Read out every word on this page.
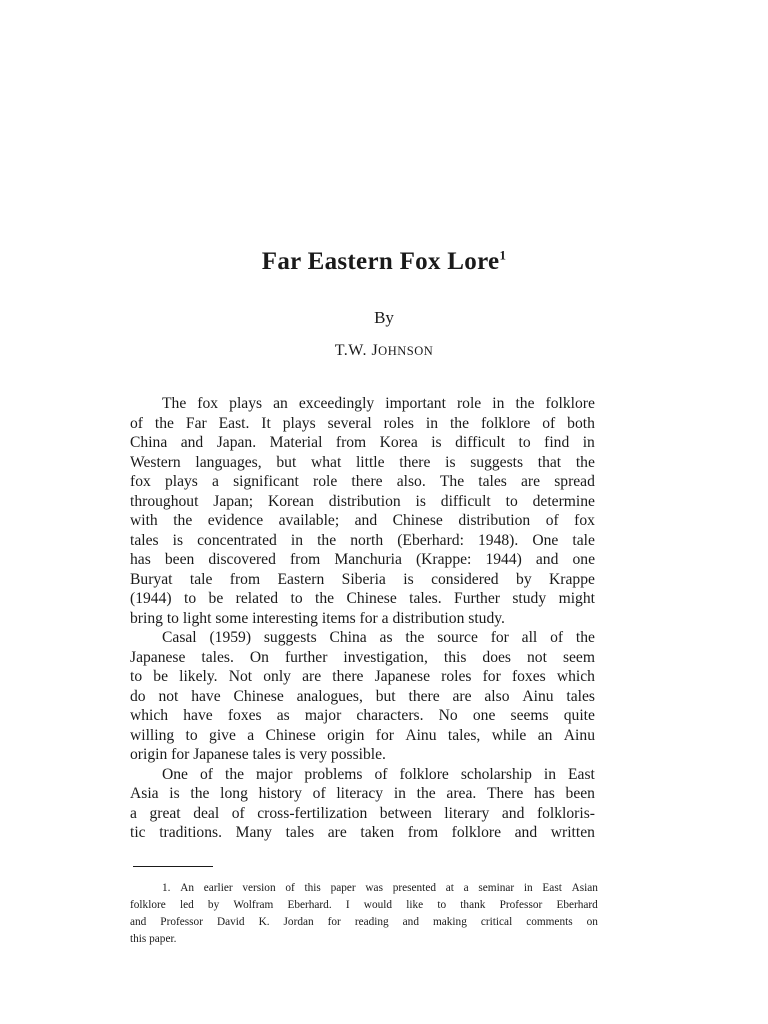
Far Eastern Fox Lore$^1$
By
T.W. JOHNSON
The fox plays an exceedingly important role in the folklore
of the Far East. It plays several roles in the folklore of both
China and Japan. Material from Korea is difficult to find in
Western languages, but what little there is suggests that the
fox plays a significant role there also. The tales are spread
throughout Japan; Korean distribution is difficult to determine
with the evidence available; and Chinese distribution of fox
tales is concentrated in the north (Eberhard: 1948). One tale
has been discovered from Manchuria (Krappe: 1944) and one
Buryat tale from Eastern Siberia is considered by Krappe
(1944) to be related to the Chinese tales. Further study might
bring to light some interesting items for a distribution study.
Casal (1959) suggests China as the source for all of the
Japanese tales. On further investigation, this does not seem
to be likely. Not only are there Japanese roles for foxes which
do not have Chinese analogues, but there are also Ainu tales
which have foxes as major characters. No one seems quite
willing to give a Chinese origin for Ainu tales, while an Ainu
origin for Japanese tales is very possible.
One of the major problems of folklore scholarship in East
Asia is the long history of literacy in the area. There has been
a great deal of cross-fertilization between literary and folkloris-
tic traditions. Many tales are taken from folklore and written
1. An earlier version of this paper was presented at a seminar in East Asian
folklore led by Wolfram Eberhard. I would like to thank Professor Eberhard
and Professor David K. Jordan for reading and making critical comments on
this paper.
